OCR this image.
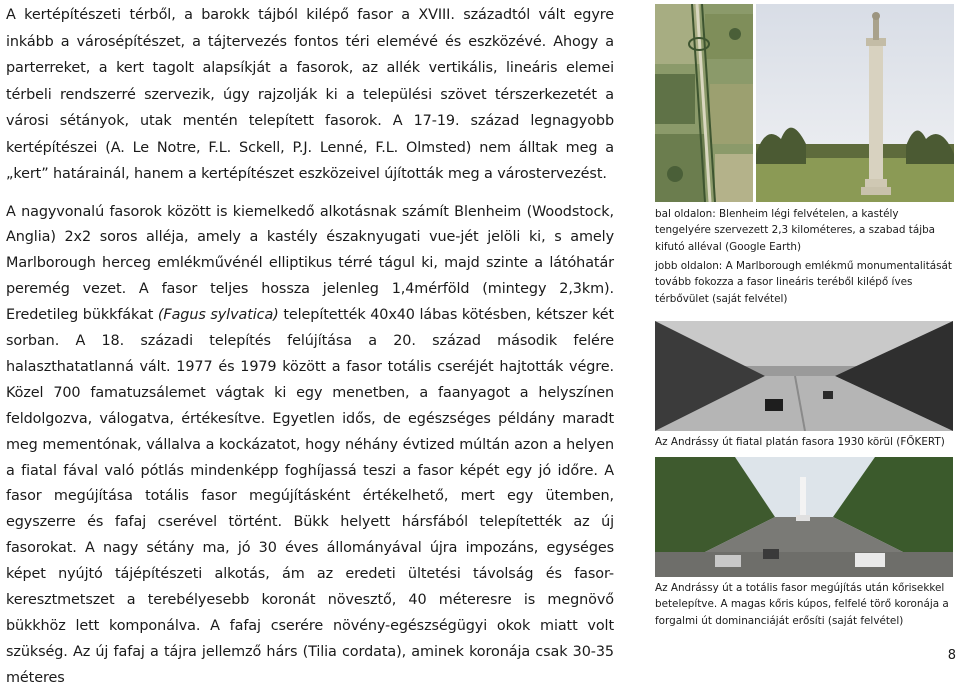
A kertépítészeti térből, a barokk tájból kilépő fasor a XVIII. századtól vált egyre inkább a városépítészet, a tájtervezés fontos téri elemévé és eszközévé. Ahogy a parterreket, a kert tagolt alapsíkját a fasorok, az allék vertikális, lineáris elemei térbeli rendszerré szervezik, úgy rajzolják ki a települési szövet térszerkezetét a városi sétányok, utak mentén telepített fasorok. A 17-19. század legnagyobb kertépítészei (A. Le Notre, F.L. Sckell, P.J. Lenné, F.L. Olmsted) nem álltak meg a „kert” határainál, hanem a kertépítészet eszközeivel újították meg a várostervezést.

A nagyvonalú fasorok között is kiemelkedő alkotásnak számít Blenheim (Woodstock, Anglia) 2x2 soros alléja, amely a kastély északnyugati vue-jét jelöli ki, s amely Marlborough herceg emlékművénél elliptikus térré tágul ki, majd szinte a látóhatár peremég vezet. A fasor teljes hossza jelenleg 1,4mérföld (mintegy 2,3km). Eredetileg bükkfákat (Fagus sylvatica) telepítették 40x40 lábas kötésben, kétszer két sorban. A 18. századi telepítés felújítása a 20. század második felére halaszthatatlanná vált. 1977 és 1979 között a fasor totális cseréjét hajtották végre. Közel 700 famatuzsálemet vágtak ki egy menetben, a faanyagot a helyszínen feldolgozva, válogatva, értékesítve. Egyetlen idős, de egészséges példány maradt meg mementónak, vállalva a kockázatot, hogy néhány évtized múltán azon a helyen a fiatal fával való pótlás mindenképp foghíjassá teszi a fasor képét egy jó időre. A fasor megújítása totális fasor megújításként értékelhető, mert egy ütemben, egyszerre és fafaj cserével történt. Bükk helyett hársfából telepítették az új fasorokat. A nagy sétány ma, jó 30 éves állományával újra impozáns, egységes képet nyújtó tájépítészeti alkotás, ám az eredeti ültetési távolság és fasor-keresztmetszet a terebélyesebb koronát növesztő, 40 méteresre is megnövő bükkhöz lett komponálva. A fafaj cserére növény-egészségügyi okok miatt volt szükség. Az új fafaj a tájra jellemző hárs (Tilia cordata), aminek koronája csak 30-35 méteres

bal oldalon: Blenheim légi felvételen, a kastély tengelyére szervezett 2,3 kilométeres, a szabad tájba kifutó alléval (Google Earth)

jobb oldalon: A Marlborough emlékmű monumentalitását tovább fokozza a fasor lineáris teréből kilépő íves térbővület (saját felvétel)

Az Andrássy út fiatal platán fasora 1930 körül (FŐKERT)

Az Andrássy út a totális fasor megújítás után kőrisekkel betelepítve. A magas kőris kúpos, felfelé törő koronája a forgalmi út dominanciáját erősíti (saját felvétel)

8
